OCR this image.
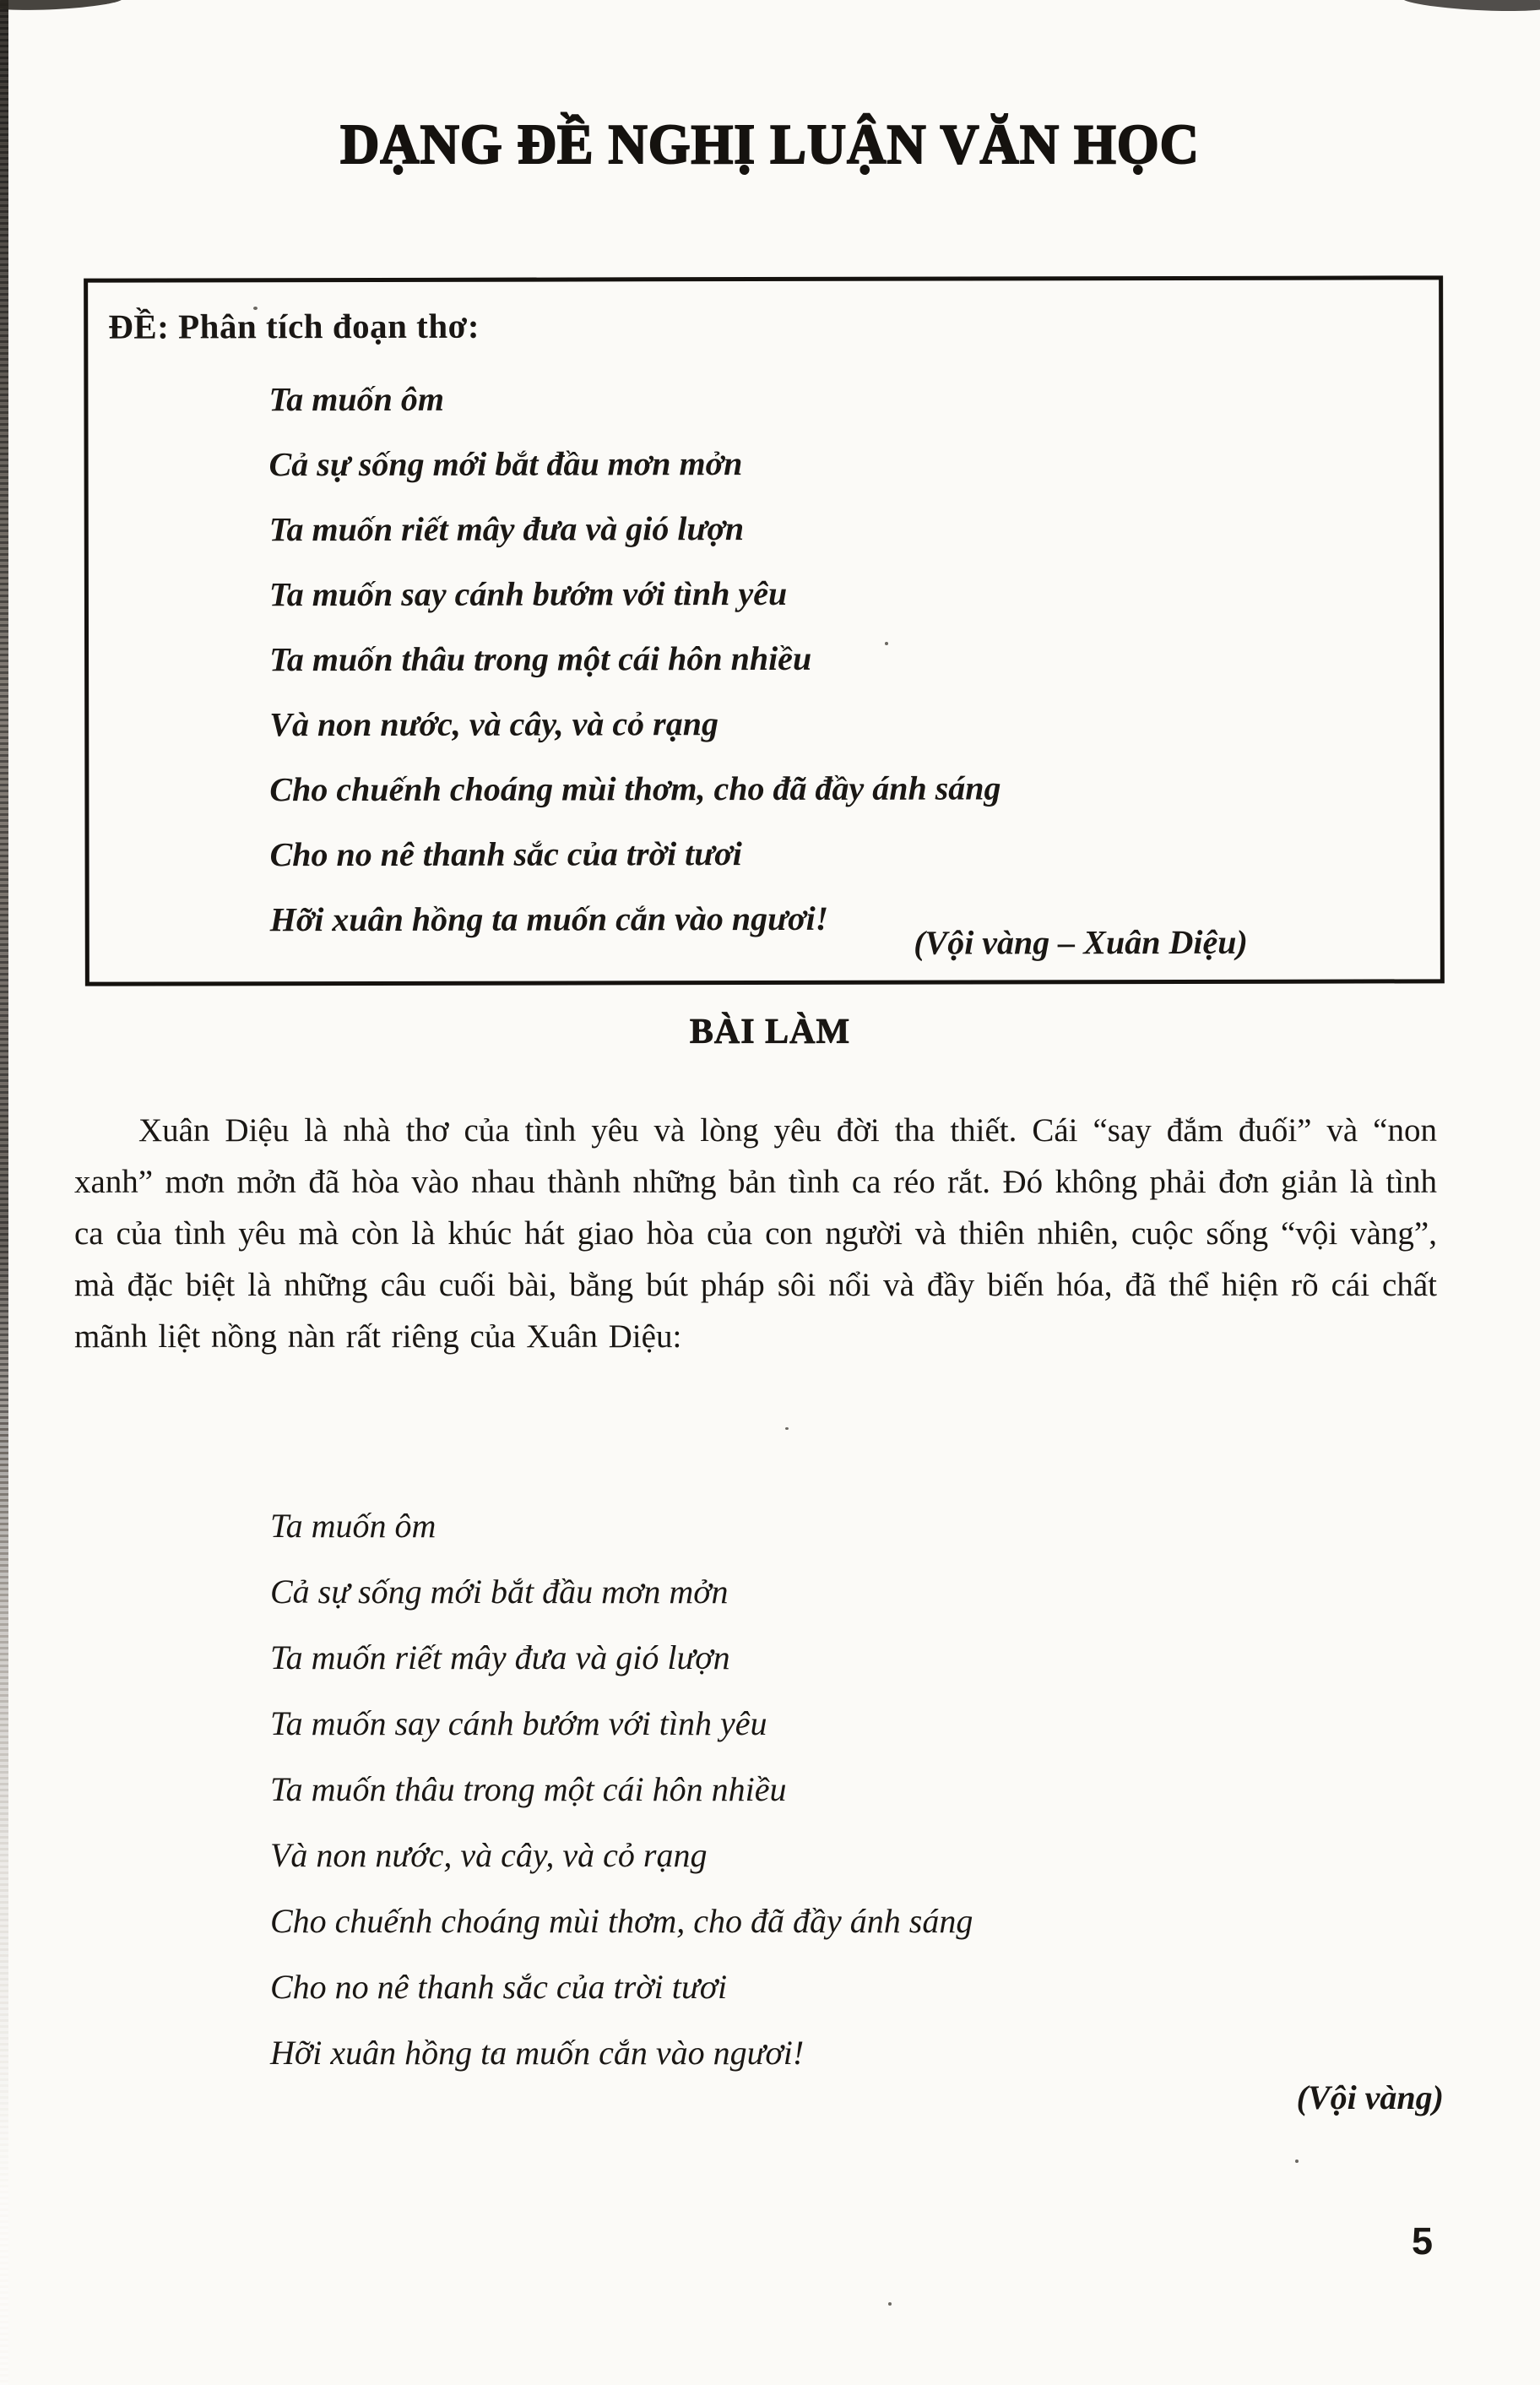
DẠNG ĐỀ NGHỊ LUẬN VĂN HỌC
ĐỀ: Phân tích đoạn thơ:
Ta muốn ôm
Cả sự sống mới bắt đầu mơn mởn
Ta muốn riết mây đưa và gió lượn
Ta muốn say cánh bướm với tình yêu
Ta muốn thâu trong một cái hôn nhiều
Và non nước, và cây, và cỏ rạng
Cho chuếnh choáng mùi thơm, cho đã đầy ánh sáng
Cho no nê thanh sắc của trời tươi
Hỡi xuân hồng ta muốn cắn vào ngươi!
(Vội vàng – Xuân Diệu)
BÀI LÀM
Xuân Diệu là nhà thơ của tình yêu và lòng yêu đời tha thiết. Cái “say đắm đuối” và “non xanh” mơn mởn đã hòa vào nhau thành những bản tình ca réo rắt. Đó không phải đơn giản là tình ca của tình yêu mà còn là khúc hát giao hòa của con người và thiên nhiên, cuộc sống “vội vàng”, mà đặc biệt là những câu cuối bài, bằng bút pháp sôi nổi và đầy biến hóa, đã thể hiện rõ cái chất mãnh liệt nồng nàn rất riêng của Xuân Diệu:
Ta muốn ôm
Cả sự sống mới bắt đầu mơn mởn
Ta muốn riết mây đưa và gió lượn
Ta muốn say cánh bướm với tình yêu
Ta muốn thâu trong một cái hôn nhiều
Và non nước, và cây, và cỏ rạng
Cho chuếnh choáng mùi thơm, cho đã đầy ánh sáng
Cho no nê thanh sắc của trời tươi
Hỡi xuân hồng ta muốn cắn vào ngươi!
(Vội vàng)
5
